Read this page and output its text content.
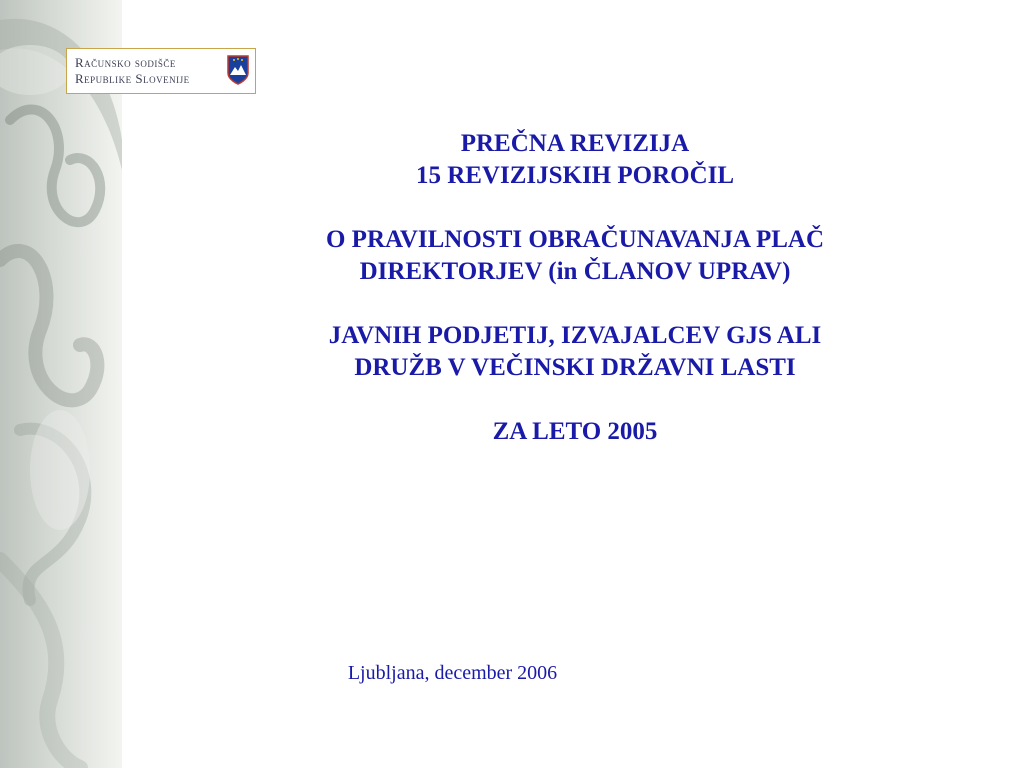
Računsko sodišče
Republike Slovenije
PREČNA REVIZIJA
15 REVIZIJSKIH POROČIL
O PRAVILNOSTI OBRAČUNAVANJA PLAČ
DIREKTORJEV (in ČLANOV UPRAV)
JAVNIH PODJETIJ, IZVAJALCEV GJS ALI
DRUŽB V VEČINSKI DRŽAVNI LASTI
ZA LETO 2005
Ljubljana, december 2006
